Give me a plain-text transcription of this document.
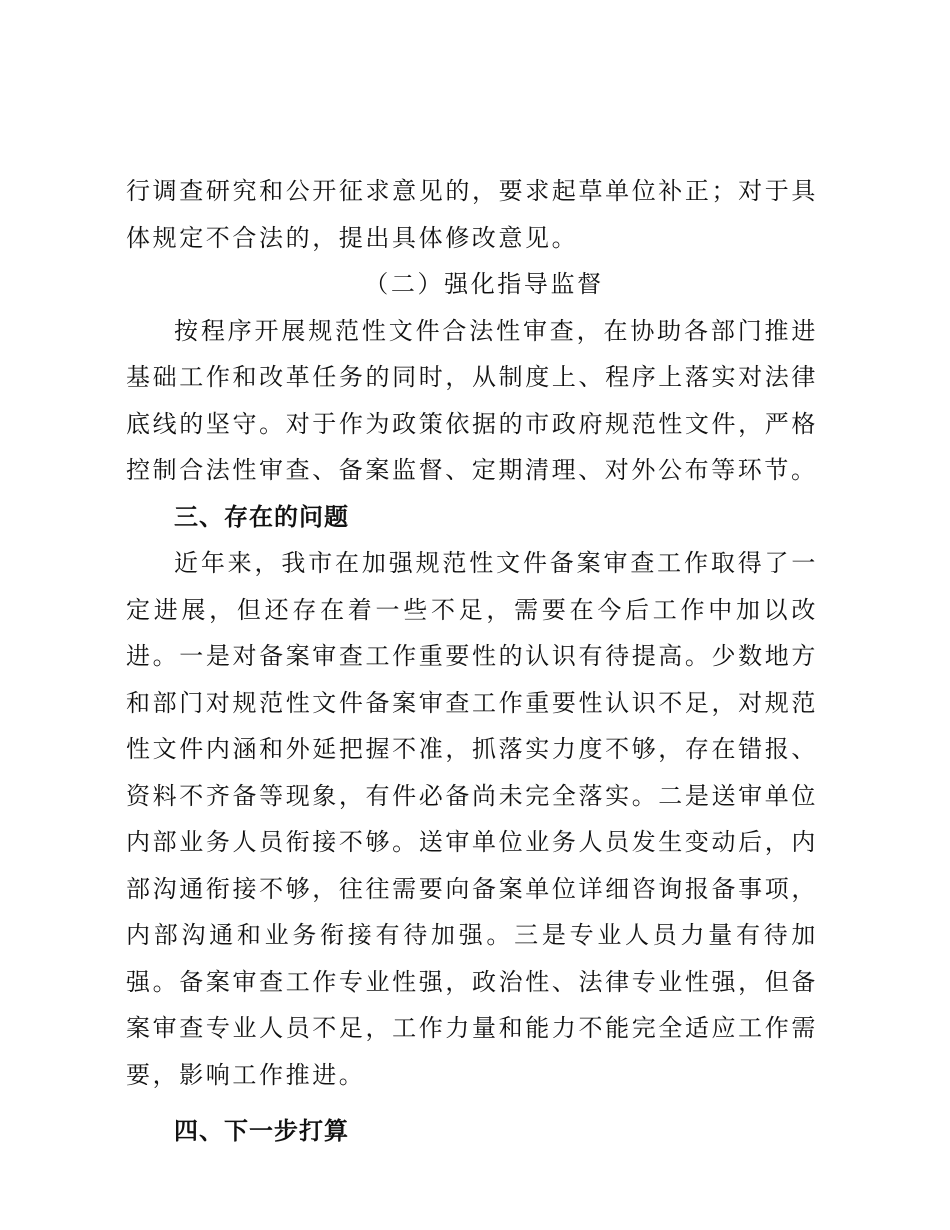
行调查研究和公开征求意见的，要求起草单位补正；对于具体规定不合法的，提出具体修改意见。

（二）强化指导监督

按程序开展规范性文件合法性审查，在协助各部门推进基础工作和改革任务的同时，从制度上、程序上落实对法律底线的坚守。对于作为政策依据的市政府规范性文件，严格控制合法性审查、备案监督、定期清理、对外公布等环节。

三、存在的问题

近年来，我市在加强规范性文件备案审查工作取得了一定进展，但还存在着一些不足，需要在今后工作中加以改进。一是对备案审查工作重要性的认识有待提高。少数地方和部门对规范性文件备案审查工作重要性认识不足，对规范性文件内涵和外延把握不准，抓落实力度不够，存在错报、资料不齐备等现象，有件必备尚未完全落实。二是送审单位内部业务人员衔接不够。送审单位业务人员发生变动后，内部沟通衔接不够，往往需要向备案单位详细咨询报备事项，内部沟通和业务衔接有待加强。三是专业人员力量有待加强。备案审查工作专业性强，政治性、法律专业性强，但备案审查专业人员不足，工作力量和能力不能完全适应工作需要，影响工作推进。

四、下一步打算
